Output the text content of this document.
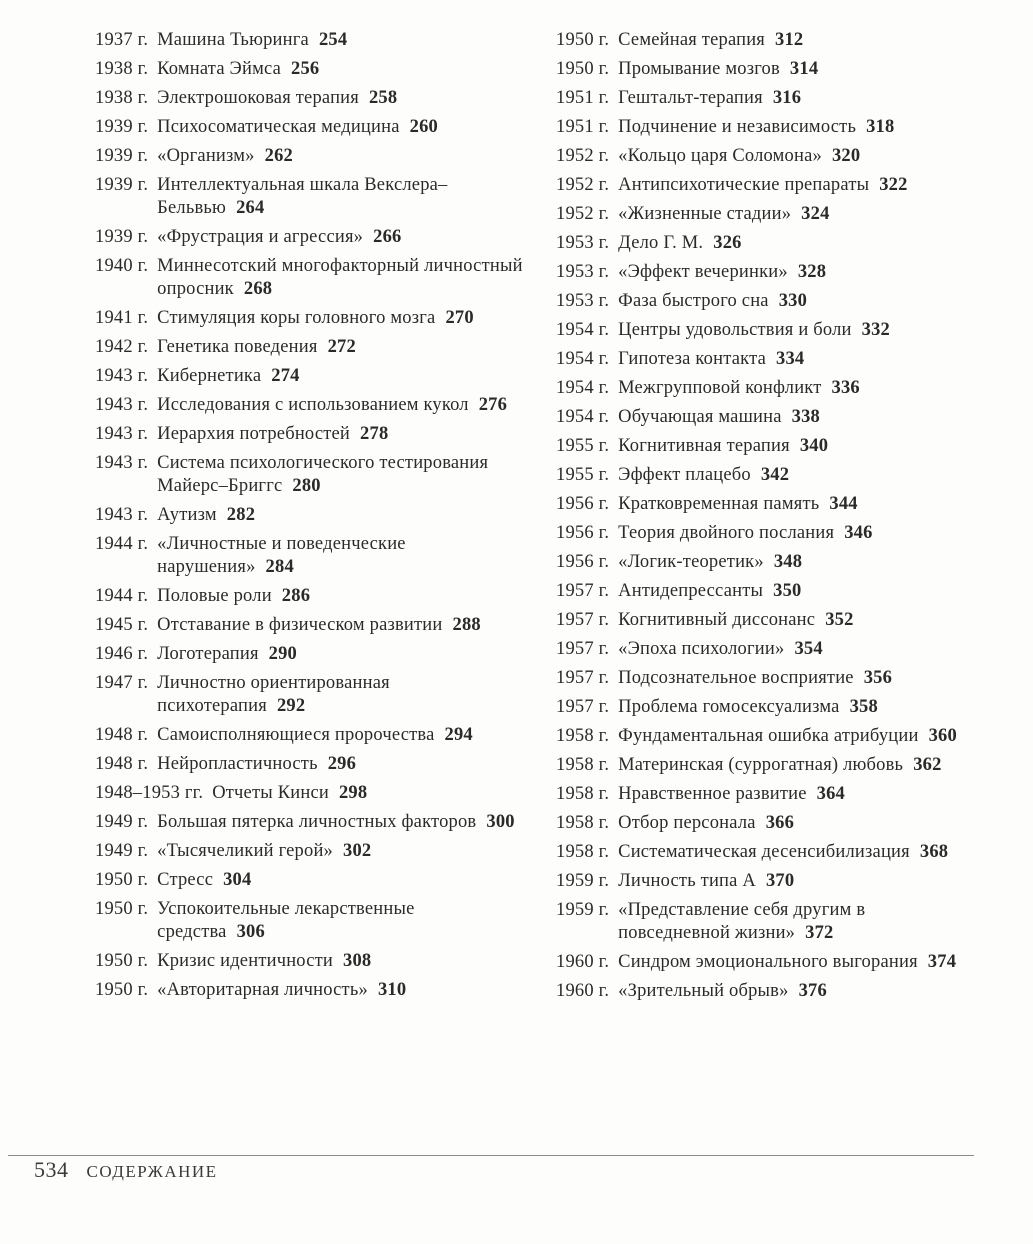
1937 г. Машина Тьюринга 254
1938 г. Комната Эймса 256
1938 г. Электрошоковая терапия 258
1939 г. Психосоматическая медицина 260
1939 г. «Организм» 262
1939 г. Интеллектуальная шкала Векслера–Бельвью 264
1939 г. «Фрустрация и агрессия» 266
1940 г. Миннесотский многофакторный личностный опросник 268
1941 г. Стимуляция коры головного мозга 270
1942 г. Генетика поведения 272
1943 г. Кибернетика 274
1943 г. Исследования с использованием кукол 276
1943 г. Иерархия потребностей 278
1943 г. Система психологического тестирования Майерс–Бриггс 280
1943 г. Аутизм 282
1944 г. «Личностные и поведенческие нарушения» 284
1944 г. Половые роли 286
1945 г. Отставание в физическом развитии 288
1946 г. Логотерапия 290
1947 г. Личностно ориентированная психотерапия 292
1948 г. Самоисполняющиеся пророчества 294
1948 г. Нейропластичность 296
1948–1953 гг. Отчеты Кинси 298
1949 г. Большая пятерка личностных факторов 300
1949 г. «Тысячеликий герой» 302
1950 г. Стресс 304
1950 г. Успокоительные лекарственные средства 306
1950 г. Кризис идентичности 308
1950 г. «Авторитарная личность» 310
1950 г. Семейная терапия 312
1950 г. Промывание мозгов 314
1951 г. Гештальт-терапия 316
1951 г. Подчинение и независимость 318
1952 г. «Кольцо царя Соломона» 320
1952 г. Антипсихотические препараты 322
1952 г. «Жизненные стадии» 324
1953 г. Дело Г. М. 326
1953 г. «Эффект вечеринки» 328
1953 г. Фаза быстрого сна 330
1954 г. Центры удовольствия и боли 332
1954 г. Гипотеза контакта 334
1954 г. Межгрупповой конфликт 336
1954 г. Обучающая машина 338
1955 г. Когнитивная терапия 340
1955 г. Эффект плацебо 342
1956 г. Кратковременная память 344
1956 г. Теория двойного послания 346
1956 г. «Логик-теоретик» 348
1957 г. Антидепрессанты 350
1957 г. Когнитивный диссонанс 352
1957 г. «Эпоха психологии» 354
1957 г. Подсознательное восприятие 356
1957 г. Проблема гомосексуализма 358
1958 г. Фундаментальная ошибка атрибуции 360
1958 г. Материнская (суррогатная) любовь 362
1958 г. Нравственное развитие 364
1958 г. Отбор персонала 366
1958 г. Систематическая десенсибилизация 368
1959 г. Личность типа А 370
1959 г. «Представление себя другим в повседневной жизни» 372
1960 г. Синдром эмоционального выгорания 374
1960 г. «Зрительный обрыв» 376
534 СОДЕРЖАНИЕ
